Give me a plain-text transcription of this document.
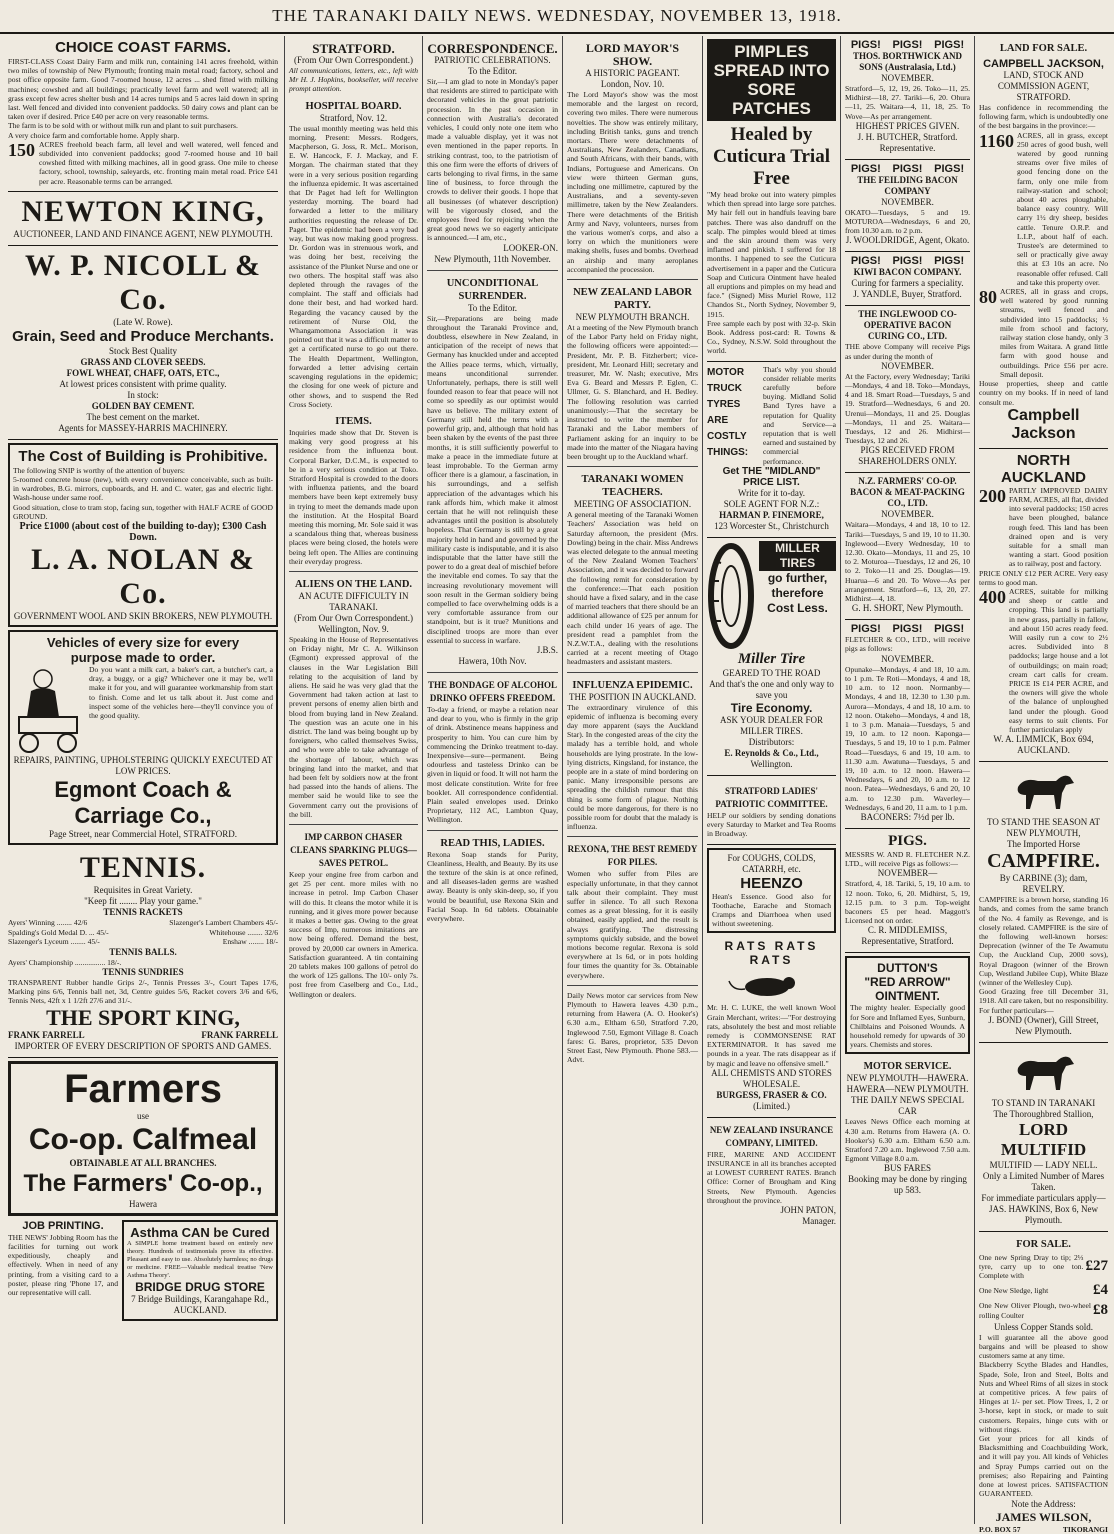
THE TARANAKI DAILY NEWS. WEDNESDAY, NOVEMBER 13, 1918.
CHOICE COAST FARMS.
FIRST-CLASS Coast Dairy Farm and milk run, containing 141 acres freehold, within two miles of township of New Plymouth; fronting main metal road; factory, school and post office opposite farm. Good 7-roomed house, 12 acres ... shed fitted with milking machines; cowshed and all buildings; practically level farm and well watered; all in grass except few acres shelter bush and 14 acres turnips and 5 acres laid down in spring last. Well fenced and divided into convenient paddocks. 50 dairy cows and plant can be taken over if desired. Price £40 per acre on very reasonable terms.
The farm is to be sold with or without milk run and plant to suit purchasers.
A very choice farm and comfortable home. Apply sharp.
150 ACRES freehold beach farm, all level and well watered, well fenced and subdivided into convenient paddocks; good 7-roomed house and 10 bail cowshed fitted with milking machines, all in good grass. One mile to cheese factory, school, township, saleyards, etc. fronting main metal road. Price £41 per acre. Reasonable terms can be arranged.
NEWTON KING,
AUCTIONEER, LAND AND FINANCE AGENT, NEW PLYMOUTH.
W. P. NICOLL & Co.
(Late W. Rowe).
Grain, Seed and Produce Merchants.
Stock Best Quality
GRASS AND CLOVER SEEDS.
FOWL WHEAT, CHAFF, OATS, ETC.,
At lowest prices consistent with prime quality.
In stock:
GOLDEN BAY CEMENT.
The best cement on the market.
Agents for MASSEY-HARRIS MACHINERY.
The Cost of Building is Prohibitive.
The following SNIP is worthy of the attention of buyers:
5-roomed concrete house (new), with every convenience conceivable, such as built-in wardrobes, B.G. mirrors, cupboards, and H. and C. water, gas and electric light. Wash-house under same roof.
Good situation, close to tram stop, facing sun, together with HALF ACRE of GOOD GROUND.
Price £1000 (about cost of the building to-day); £300 Cash Down.
L. A. NOLAN & Co.
GOVERNMENT WOOL AND SKIN BROKERS, NEW PLYMOUTH.
Vehicles of every size for every
purpose made to order.
Do you want a milk cart, a baker's cart, a butcher's cart, a dray, a buggy, or a gig? Whichever one it may be, we'll make it for you, and will guarantee workmanship from start to finish. Come and let us talk about it. Just come and inspect some of the vehicles here—they'll convince you of the good quality.
REPAIRS, PAINTING, UPHOLSTERING QUICKLY EXECUTED AT LOW PRICES.
Egmont Coach & Carriage Co.,
Page Street, near Commercial Hotel, STRATFORD.
TENNIS.
Requisites in Great Variety.
"Keep fit ........ Play your game."
TENNIS RACKETS
Ayers' Winning ........ 42/6	Slazenger's Lambert Chambers 45/-
Spalding's Gold Medal D. ... 45/-	Whitehouse ........ 32/6
Slazenger's Lyceum ........ 45/-	Enshaw ........ 18/-
TENNIS BALLS.
Ayers' Championship ................ 18/-.
TENNIS SUNDRIES
TRANSPARENT Rubber handle Grips 2/-, Tennis Presses 3/-, Court Tapes 17/6, Marking pins 6/6, Tennis ball net, 3d, Centre guides 5/6, Racket covers 3/6 and 6/6, Tennis Nets, 42ft x 1 1/2ft 27/6 and 31/-.
THE SPORT KING,
FRANK FARRELL	FRANK FARRELL
IMPORTER OF EVERY DESCRIPTION OF SPORTS AND GAMES.
Farmers
use
Co-op. Calfmeal
OBTAINABLE AT ALL BRANCHES.
The Farmers' Co-op.,
Hawera
JOB PRINTING.
THE NEWS' Jobbing Room has the facilities for turning out work expeditiously, cheaply and effectively. When in need of any printing, from a visiting card to a poster, please ring 'Phone 17, and our representative will call.
Asthma CAN be Cured
A SIMPLE home treatment based on entirely new theory. Hundreds of testimonials prove its effective. Pleasant and easy to use. Absolutely harmless; no drugs or medicine. FREE—Valuable medical treatise 'New Asthma Theory'.
BRIDGE DRUG STORE
7 Bridge Buildings, Karangahape Rd., AUCKLAND.
STRATFORD.
(From Our Own Correspondent.)
All communications, letters, etc., left with Mr H. J. Hopkins, bookseller, will receive prompt attention.
HOSPITAL BOARD.
Stratford, Nov. 12.
The usual monthly meeting was held this morning. Present: Messrs. Rodgers, Macpherson, G. Joss, R. McL. Morison, E. W. Hancock, F. J. Mackay, and F. Morgan. The chairman stated that they were in a very serious position regarding the influenza epidemic. It was ascertained that Dr Paget had left for Wellington yesterday morning. The board had forwarded a letter to the military authorities requesting the release of Dr. Paget. The epidemic had been a very bad way, but was now making good progress. Dr. Gordon was in strenuous work, and was doing her best, receiving the assistance of the Plunket Nurse and one or two others. The hospital staff was also depleted through the ravages of the complaint. The staff and officials had done their best, and had worked hard. Regarding the vacancy caused by the retirement of Nurse Old, the Whangamomona Association it was pointed out that it was a difficult matter to get a certificated nurse to go out there. The Health Department, Wellington, forwarded a letter advising certain scavenging regulations in the epidemic; the closing for one week of picture and other shows, and to suspend the Red Cross Society.
ITEMS.
Inquiries made show that Dr. Steven is making very good progress at his residence from the influenza bout. Corporal Barker, D.C.M., is expected to be in a very serious condition at Toko. Stratford Hospital is crowded to the doors with influenza patients, and the board members have been kept extremely busy in trying to meet the demands made upon the institution. At the Hospital Board meeting this morning, Mr. Sole said it was a scandalous thing that, whereas business places were being closed, the hotels were being left open. The Allies are continuing their everyday progress.
ALIENS ON THE LAND.
AN ACUTE DIFFICULTY IN TARANAKI.
(From Our Own Correspondent.)
Wellington, Nov. 9.
Speaking in the House of Representatives on Friday night, Mr C. A. Wilkinson (Egmont) expressed approval of the clauses in the War Legislation Bill relating to the acquisition of land by aliens. He said he was very glad that the Government had taken action at last to prevent persons of enemy alien birth and blood from buying land in New Zealand. The question was an acute one in his district. The land was being bought up by foreigners, who called themselves Swiss, and who were able to take advantage of the shortage of labour, which was bringing land into the market, and that had been felt by soldiers now at the front had passed into the hands of aliens. The member said he would like to see the Government carry out the provisions of the bill.
IMP CARBON CHASER CLEANS SPARKING PLUGS—SAVES PETROL.
Keep your engine free from carbon and get 25 per cent. more miles with no increase in petrol. Imp Carbon Chaser will do this. It cleans the motor while it is running, and it gives more power because it makes a better gas. Owing to the great success of Imp, numerous imitations are now being offered. Demand the best, proved by 20,000 car owners in America. Satisfaction guaranteed. A tin containing 20 tablets makes 100 gallons of petrol do the work of 125 gallons. The 10/- only 7s. post free from Caselberg and Co., Ltd., Wellington or dealers.
CORRESPONDENCE.
PATRIOTIC CELEBRATIONS.
To the Editor.
Sir,—I am glad to note in Monday's paper that residents are stirred to participate with decorated vehicles in the great patriotic procession. In the past occasion in connection with Australia's decorated vehicles, I could only note one item who made a valuable display, yet it was not even mentioned in the paper reports. In striking contrast, too, to the patriotism of this one firm were the efforts of drivers of carts belonging to rival firms, in the same line of business, to force through the crowds to deliver their goods. I hope that all businesses (of whatever description) will be vigorously closed, and the employees freed for rejoicing when the great good news we so eagerly anticipate is announced.—I am, etc.,
LOOKER-ON.
New Plymouth, 11th November.
UNCONDITIONAL SURRENDER.
To the Editor.
Sir,—Preparations are being made throughout the Taranaki Province and, doubtless, elsewhere in New Zealand, in anticipation of the receipt of news that Germany has knuckled under and accepted the Allies peace terms, which, virtually, means unconditional surrender. Unfortunately, perhaps, there is still well founded reason to fear that peace will not come so speedily as our optimist would have us believe. The military extent of Germany still held the terms with a powerful grip, and, although that hold has been shaken by the events of the past three months, it is still sufficiently powerful to make a peace in the immediate future at least improbable. To the German army officer there is a glamour, a fascination, in his surroundings, and a selfish appreciation of the advantages which his rank affords him, which make it almost certain that he will not relinquish these advantages until the position is absolutely hopeless. That Germany is still by a great majority held in hand and governed by the military caste is indisputable, and it is also indisputable that the latter have still the power to do a great deal of mischief before the inevitable end comes. To say that the increasing revolutionary movement will soon result in the German soldiery being compelled to face overwhelming odds is a very comfortable assurance from our standpoint, but is it true? Munitions and disciplined troops are more than ever essential to success in warfare.
J.B.S.
Hawera, 10th Nov.
THE BONDAGE OF ALCOHOL DRINKO OFFERS FREEDOM.
To-day a friend, or maybe a relation near and dear to you, who is firmly in the grip of drink. Abstinence means happiness and prosperity to him. You can cure him by commencing the Drinko treatment to-day. Inexpensive—sure—permanent. Being odourless and tasteless Drinko can be given in liquid or food. It will not harm the most delicate constitution. Write for free booklet. All correspondence confidential. Plain sealed envelopes used. Drinko Proprietary, 112 AC, Lambton Quay, Wellington.
READ THIS, LADIES.
Rexona Soap stands for Purity, Cleanliness, Health, and Beauty. By its use the texture of the skin is at once refined, and all diseases-laden germs are washed away. Beauty is only skin-deep, so, if you would be beautiful, use Rexona Skin and Facial Soap. In 6d tablets. Obtainable everywhere.
LORD MAYOR'S SHOW.
A HISTORIC PAGEANT.
London, Nov. 10.
The Lord Mayor's show was the most memorable and the largest on record, covering two miles. There were numerous novelties. The show was entirely military, including British tanks, guns and trench mortars. There were detachments of Australians, New Zealanders, Canadians, and South Africans, with their bands, with Indians, Portuguese and Americans. On view were thirteen German guns, including one millimetre, captured by the Australians, and a seventy-seven millimetre, taken by the New Zealanders. There were detachments of the British Army and Navy, volunteers, nurses from the various women's corps, and also a lorry on which the munitioners were making shells, fuses and bombs. Overhead an airship and many aeroplanes accompanied the procession.
NEW ZEALAND LABOR PARTY.
NEW PLYMOUTH BRANCH.
At a meeting of the New Plymouth branch of the Labor Party held on Friday night, the following officers were appointed:—President, Mr. P. B. Fitzherbert; vice-president, Mr. Leonard Hill; secretary and treasurer, Mr. W. Nash; executive, Mrs Eva G. Beard and Messrs P. Eglen, C. Ullmer, G. S. Blanchard, and H. Bedley. The following resolution was carried unanimously:—That the secretary be instructed to write the member for Taranaki and the Labor members of Parliament asking for an inquiry to be made into the matter of the Niagara having been brought up to the Auckland wharf.
TARANAKI WOMEN TEACHERS.
MEETING OF ASSOCIATION.
A general meeting of the Taranaki Women Teachers' Association was held on Saturday afternoon, the president (Mrs. Dowling) being in the chair. Miss Andrews was elected delegate to the annual meeting of the New Zealand Women Teachers' Association, and it was decided to forward the following remit for consideration by the conference:—That each position should have a fixed salary, and in the case of married teachers that there should be an additional allowance of £25 per annum for each child under 16 years of age. The president read a pamphlet from the N.Z.W.T.A., dealing with the resolutions carried at a recent meeting of Otago headmasters and assistant masters.
INFLUENZA EPIDEMIC.
THE POSITION IN AUCKLAND.
The extraordinary virulence of this epidemic of influenza is becoming every day more apparent (says the Auckland Star). In the congested areas of the city the malady has a terrible hold, and whole households are lying prostrate. In the low-lying districts, Kingsland, for instance, the people are in a state of mind bordering on panic. Many irresponsible persons are spreading the childish rumour that this thing is some form of plague. Nothing could be more dangerous, for there is no possible room for doubt that the malady is influenza.
REXONA, THE BEST REMEDY FOR PILES.
Women who suffer from Piles are especially unfortunate, in that they cannot talk about their complaint. They must suffer in silence. To all such Rexona comes as a great blessing, for it is easily obtained, easily applied, and the result is always gratifying. The distressing symptoms quickly subside, and the bowel motions become regular. Rexona is sold everywhere at 1s 6d, or in pots holding four times the quantity for 3s. Obtainable everywhere.
Daily News motor car services from New Plymouth to Hawera leaves 4.30 p.m., returning from Hawera (A. O. Hooker's) 6.30 a.m., Eltham 6.50, Stratford 7.20, Inglewood 7.50, Egmont Village 8. Coach fares: G. Bares, proprietor, 535 Devon Street East, New Plymouth. Phone 583.—Advt.
PIMPLES SPREAD INTO SORE PATCHES
Healed by Cuticura Trial Free
"My head broke out into watery pimples which then spread into large sore patches. My hair fell out in handfuls leaving bare patches. There was also dandruff on the scalp. The pimples would bleed at times and the skin around them was very inflamed and pinkish. I suffered for 18 months. I happened to see the Cuticura advertisement in a paper and the Cuticura Soap and Cuticura Ointment have healed all eruptions and pimples on my head and face." (Signed) Miss Muriel Rowe, 112 Chandos St., North Sydney, November 9, 1915.
Free sample each by post with 32-p. Skin Book. Address post-card: R. Towns & Co., Sydney, N.S.W. Sold throughout the world.
MOTOR
TRUCK
TYRES
ARE
COSTLY
THINGS:
That's why you should consider reliable merits carefully before buying. Midland Solid Band Tyres have a reputation for Quality and Service—a reputation that is well earned and sustained by commercial performance.
Get THE "MIDLAND" PRICE LIST.
Write for it to-day.
SOLE AGENT FOR N.Z.:
HARMAN P. FINEMORE,
123 Worcester St., Christchurch
MILLER
TIRES
go further,
therefore
Cost Less.
Miller Tire
GEARED TO THE ROAD
And that's the one and only way to save you
Tire Economy.
ASK YOUR DEALER FOR MILLER TIRES.
Distributors:
E. Reynolds & Co., Ltd.,
Wellington.
STRATFORD LADIES' PATRIOTIC COMMITTEE.
HELP our soldiers by sending donations every Saturday to Market and Tea Rooms in Broadway.
For COUGHS, COLDS, CATARRH, etc.
HEENZO
Hean's Essence. Good also for Toothache, Earache and Stomach Cramps and Diarrhoea when used without sweetening.
RATS RATS RATS
Mr. H. C. LUKE, the well known Wool Grain Merchant, writes:—"For destroying rats, absolutely the best and most reliable remedy is COMMONSENSE RAT EXTERMINATOR. It has saved me pounds in a year. The rats disappear as if by magic and leave no offensive smell."
ALL CHEMISTS AND STORES WHOLESALE.
BURGESS, FRASER & CO.
(Limited.)
NEW ZEALAND INSURANCE COMPANY, LIMITED.
FIRE, MARINE AND ACCIDENT INSURANCE in all its branches accepted at LOWEST CURRENT RATES. Branch Office: Corner of Brougham and King Streets, New Plymouth. Agencies throughout the province.
JOHN PATON,
Manager.
PIGS! PIGS! PIGS!
THOS. BORTHWICK AND SONS (Australasia, Ltd.)
NOVEMBER.
Stratford—5, 12, 19, 26. Toko—11, 25. Midhirst—18, 27. Tariki—6, 20. Ohura—11, 25. Waitara—4, 11, 18, 25. To Wove—As per arrangement.
HIGHEST PRICES GIVEN.
J. H. BUTCHER, Stratford. Representative.
PIGS! PIGS! PIGS!
THE FEILDING BACON COMPANY
NOVEMBER.
OKATO—Tuesdays, 5 and 19. MOTUROA—Wednesdays, 6 and 20, from 10.30 a.m. to 2 p.m.
J. WOOLDRIDGE, Agent, Okato.
PIGS! PIGS! PIGS!
KIWI BACON COMPANY.
Curing for farmers a speciality.
J. YANDLE, Buyer, Stratford.
THE INGLEWOOD CO-OPERATIVE BACON CURING CO., LTD.
THE above Company will receive Pigs as under during the month of
NOVEMBER.
At the Factory, every Wednesday; Tariki—Mondays, 4 and 18. Toko—Mondays, 4 and 18. Smart Road—Tuesdays, 5 and 19. Stratford—Wednesdays, 6 and 20. Urenui—Mondays, 11 and 25. Douglas—Mondays, 11 and 25. Waitara—Tuesdays, 12 and 26. Midhirst—Tuesdays, 12 and 26.
PIGS RECEIVED FROM SHAREHOLDERS ONLY.
N.Z. FARMERS' CO-OP. BACON & MEAT-PACKING CO., LTD.
NOVEMBER.
Waitara—Mondays, 4 and 18, 10 to 12. Tariki—Tuesdays, 5 and 19, 10 to 11.30. Inglewood—Every Wednesday, 10 to 12.30. Okato—Mondays, 11 and 25, 10 to 2. Moturoa—Tuesdays, 12 and 26, 10 to 2. Toko—11 and 25. Douglas—19. Huarua—6 and 20. To Wove—As per arrangement. Stratford—6, 13, 20, 27. Midhirst—4, 18.
G. H. SHORT, New Plymouth.
PIGS! PIGS! PIGS!
FLETCHER & CO., LTD., will receive pigs as follows:
NOVEMBER.
Opunake—Mondays, 4 and 18, 10 a.m. to 1 p.m. Te Roti—Mondays, 4 and 18, 10 a.m. to 12 noon. Normanby—Mondays, 4 and 18, 12.30 to 1.30 p.m. Aurora—Mondays, 4 and 18, 10 a.m. to 12 noon. Otakeho—Mondays, 4 and 18, 1 to 3 p.m. Manaia—Tuesdays, 5 and 19, 10 a.m. to 12 noon. Kaponga—Tuesdays, 5 and 19, 10 to 1 p.m. Palmer Road—Tuesdays, 6 and 19, 10 a.m. to 11.30 a.m. Awatuna—Tuesdays, 5 and 19, 10 a.m. to 12 noon. Hawera—Wednesdays, 6 and 20, 10 a.m. to 12 noon. Patea—Wednesdays, 6 and 20, 10 a.m. to 12.30 p.m. Waverley—Wednesdays, 6 and 20, 11 a.m. to 1 p.m.
BACONERS: 7½d per lb.
PIGS.
MESSRS W. AND R. FLETCHER N.Z. LTD., will receive Pigs as follows:—
NOVEMBER—
Stratford, 4, 18. Tariki, 5, 19, 10 a.m. to 12 noon. Toko, 6, 20. Midhirst, 5, 19, 12.15 p.m. to 3 p.m. Top-weight baconers £5 per head. Maggott's Licensed not on order.
C. R. MIDDLEMISS, Representative, Stratford.
DUTTON'S
"RED ARROW"
OINTMENT.
The mighty healer. Especially good for Sore and Inflamed Eyes, Sunburn, Chilblains and Poisoned Wounds. A household remedy for upwards of 30 years. Chemists and stores.
MOTOR SERVICE.
NEW PLYMOUTH—HAWERA. HAWERA—NEW PLYMOUTH.
THE DAILY NEWS SPECIAL CAR
Leaves News Office each morning at 4.30 a.m. Returns from Hawera (A. O. Hooker's) 6.30 a.m. Eltham 6.50 a.m. Stratford 7.20 a.m. Inglewood 7.50 a.m. Egmont Village 8.0 a.m.
BUS FARES
Booking may be done by ringing up 583.
LAND FOR SALE.
CAMPBELL JACKSON,
LAND, STOCK AND COMMISSION AGENT, STRATFORD.
Has confidence in recommending the following farm, which is undoubtedly one of the best bargains in the province:—
1160 ACRES, all in grass, except 250 acres of good bush, well watered by good running streams over five miles of good fencing done on the farm, only one mile from railway-station and school; about 40 acres ploughable, balance easy country. Will carry 1½ dry sheep, besides cattle. Tenure O.R.P. and L.I.P., about half of each. Trustee's are determined to sell or practically give away this at £3 10s an acre. No reasonable offer refused. Call and take this property over.
80 ACRES, all in grass and crops, well watered by good running streams, well fenced and subdivided into 15 paddocks; ½ mile from school and factory, railway station close handy, only 3 miles from Waitara. A grand little farm with good house and outbuildings. Price £56 per acre. Small deposit.
House properties, sheep and cattle country on my books. If in need of land consult me.
Campbell Jackson
NORTH AUCKLAND
200 PARTLY IMPROVED DAIRY FARM, ACRES, all flat, divided into several paddocks; 150 acres have been ploughed, balance rough feed. This land has been drained open and is very suitable for a small man wanting a start. Good position as to railway, post and factory.
PRICE ONLY £12 PER ACRE. Very easy terms to good man.
400 ACRES, suitable for milking and sheep or cattle and cropping. This land is partially in new grass, partially in fallow, and about 150 acres ready feed. Will easily run a cow to 2½ acres. Subdivided into 8 paddocks; large house and a lot of outbuildings; on main road; cream cart calls for cream. PRICE IS £14 PER ACRE, and the owners will give the whole of the balance of unploughed land under the plough. Good easy terms to suit clients. For further particulars apply
W. A. LIMMICK, Box 694, AUCKLAND.
TO STAND THE SEASON AT NEW PLYMOUTH,
The Imported Horse
CAMPFIRE.
By CARBINE (3); dam, REVELRY.
CAMPFIRE is a brown horse, standing 16 hands, and comes from the same branch of the No. 4 family as Revenge, and is closely related. CAMPFIRE is the sire of the following well-known horses: Deprecation (winner of the Te Awamutu Cup, the Auckland Cup, 2000 sovs), Royal Dragoon (winner of the Brown Cup, Westland Jubilee Cup), White Blaze (winner of the Wellesley Cup).
Good Grazing free till December 31, 1918. All care taken, but no responsibility. For further particulars—
J. BOND (Owner), Gill Street, New Plymouth.
TO STAND IN TARANAKI
The Thoroughbred Stallion,
LORD MULTIFID
MULTIFID — LADY NELL.
Only a Limited Number of Mares Taken.
For immediate particulars apply—
JAS. HAWKINS, Box 6, New Plymouth.
FOR SALE.
One new Spring Dray to tip; 2⅓ tyre, carry up to one ton. Complete with
£27
One New Sledge, light	£4
One New Oliver Plough, two-wheel rolling Coulter	£8
Unless Copper Stands sold.
I will guarantee all the above good bargains and will be pleased to show customers same at any time.
Blackberry Scythe Blades and Handles, Spade, Sole, Iron and Steel, Bolts and Nuts and Wheel Rims of all sizes in stock at competitive prices. A few pairs of Hinges at 1/- per set. Plow Trees, 1, 2 or 3-horse, kept in stock, or made to suit customers. Repairs, hinge cuts with or without rings.
Get your prices for all kinds of Blacksmithing and Coachbuilding Work, and it will pay you. All kinds of Vehicles and Spray Pumps carried out on the premises; also Repairing and Painting done at lowest prices. SATISFACTION GUARANTEED.
Note the Address:
JAMES WILSON,
P.O. BOX 57	TIKORANGI
